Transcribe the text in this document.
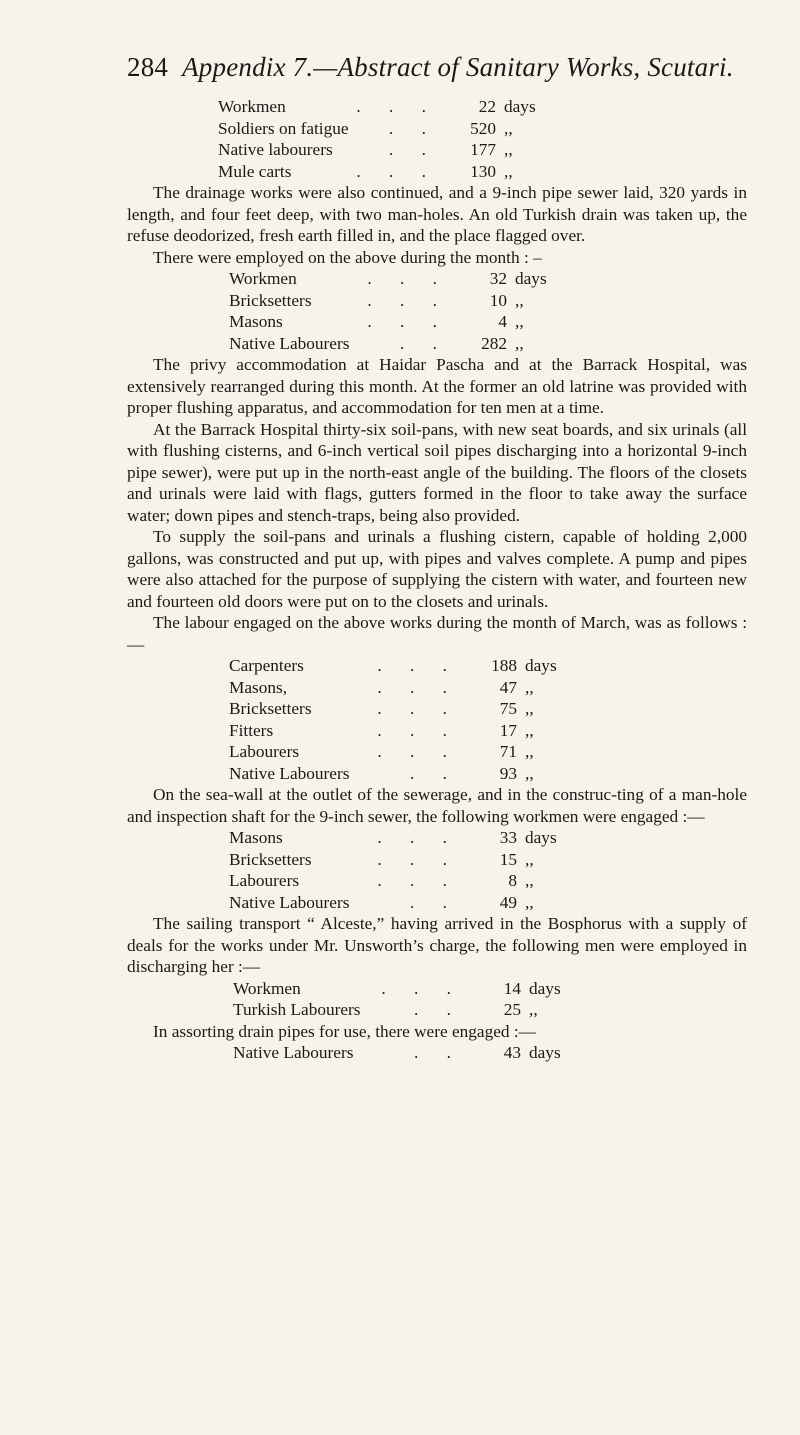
284 Appendix 7.—Abstract of Sanitary Works, Scutari.
Workmen	. . .	22 days
Soldiers on fatigue	. .	520 ,,
Native labourers	. .	177 ,,
Mule carts	. . .	130 ,,

The drainage works were also continued, and a 9-inch pipe sewer laid, 320 yards in length, and four feet deep, with two man-holes. An old Turkish drain was taken up, the refuse deodorized, fresh earth filled in, and the place flagged over.

There were employed on the above during the month : –

Workmen	. . .	32 days
Bricksetters	. . .	10 ,,
Masons	. . .	4 ,,
Native Labourers	. .	282 ,,

The privy accommodation at Haidar Pascha and at the Barrack Hospital, was extensively rearranged during this month. At the former an old latrine was provided with proper flushing apparatus, and accommodation for ten men at a time.

At the Barrack Hospital thirty-six soil-pans, with new seat boards, and six urinals (all with flushing cisterns, and 6-inch vertical soil pipes discharging into a horizontal 9-inch pipe sewer), were put up in the north-east angle of the building. The floors of the closets and urinals were laid with flags, gutters formed in the floor to take away the surface water; down pipes and stench-traps, being also provided.

To supply the soil-pans and urinals a flushing cistern, capable of holding 2,000 gallons, was constructed and put up, with pipes and valves complete. A pump and pipes were also attached for the purpose of supplying the cistern with water, and fourteen new and fourteen old doors were put on to the closets and urinals.

The labour engaged on the above works during the month of March, was as follows :—

Carpenters	. . .	188 days
Masons,	. . .	47 ,,
Bricksetters	. . .	75 ,,
Fitters	. . .	17 ,,
Labourers	. . .	71 ,,
Native Labourers	. .	93 ,,

On the sea-wall at the outlet of the sewerage, and in the construc-ting of a man-hole and inspection shaft for the 9-inch sewer, the following workmen were engaged :—

Masons	. . .	33 days
Bricksetters	. . .	15 ,,
Labourers	. . .	8 ,,
Native Labourers	. .	49 ,,

The sailing transport “ Alceste,” having arrived in the Bosphorus with a supply of deals for the works under Mr. Unsworth’s charge, the following men were employed in discharging her :—

Workmen	. . .	14 days
Turkish Labourers	. .	25 ,,

In assorting drain pipes for use, there were engaged :—

Native Labourers	. .	43 days
